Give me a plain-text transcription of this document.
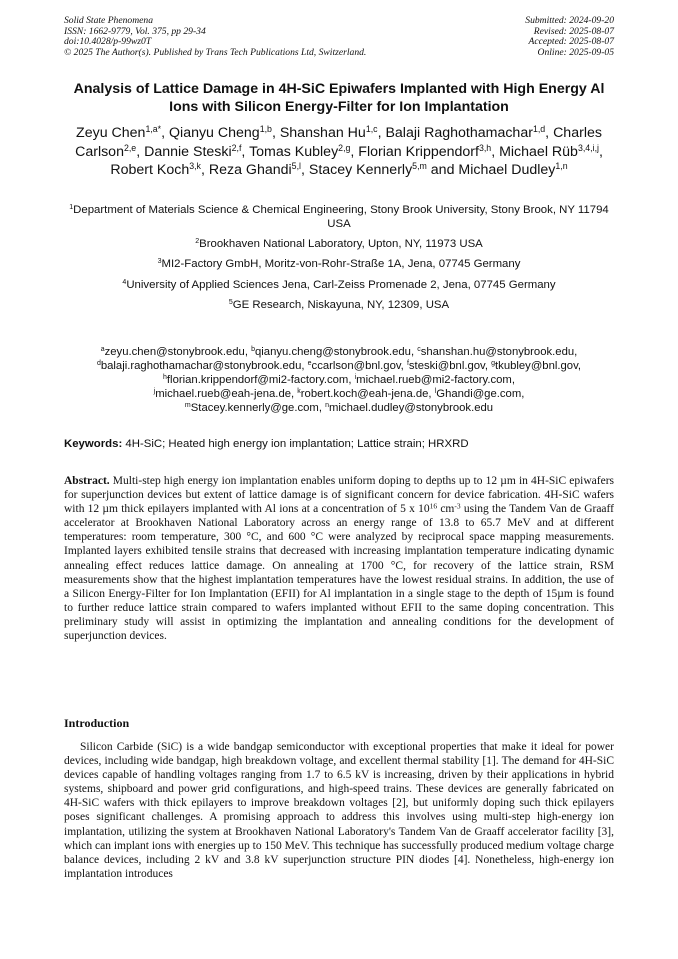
Solid State Phenomena
ISSN: 1662-9779, Vol. 375, pp 29-34
doi:10.4028/p-99wz0T
© 2025 The Author(s). Published by Trans Tech Publications Ltd, Switzerland.
Submitted: 2024-09-20
Revised: 2025-08-07
Accepted: 2025-08-07
Online: 2025-09-05
Analysis of Lattice Damage in 4H-SiC Epiwafers Implanted with High Energy Al Ions with Silicon Energy-Filter for Ion Implantation
Zeyu Chen$^{1,a*}$, Qianyu Cheng$^{1,b}$, Shanshan Hu$^{1,c}$, Balaji Raghothamachar$^{1,d}$, Charles Carlson$^{2,e}$, Dannie Steski$^{2,f}$, Tomas Kubley$^{2,g}$, Florian Krippendorf$^{3,h}$, Michael Rüb$^{3,4,i,j}$, Robert Koch$^{3,k}$, Reza Ghandi$^{5,l}$, Stacey Kennerly$^{5,m}$ and Michael Dudley$^{1,n}$
$^1$Department of Materials Science & Chemical Engineering, Stony Brook University, Stony Brook, NY 11794 USA
$^2$Brookhaven National Laboratory, Upton, NY, 11973 USA
$^3$MI2-Factory GmbH, Moritz-von-Rohr-Straße 1A, Jena, 07745 Germany
$^4$University of Applied Sciences Jena, Carl-Zeiss Promenade 2, Jena, 07745 Germany
$^5$GE Research, Niskayuna, NY, 12309, USA
$^a$zeyu.chen@stonybrook.edu, $^b$qianyu.cheng@stonybrook.edu, $^c$shanshan.hu@stonybrook.edu,
$^d$balaji.raghothamachar@stonybrook.edu, $^e$ccarlson@bnl.gov, $^f$steski@bnl.gov, $^g$tkubley@bnl.gov,
$^h$florian.krippendorf@mi2-factory.com, $^i$michael.rueb@mi2-factory.com,
$^j$michael.rueb@eah-jena.de, $^k$robert.koch@eah-jena.de, $^l$Ghandi@ge.com,
$^m$Stacey.kennerly@ge.com, $^n$michael.dudley@stonybrook.edu
Keywords: 4H-SiC; Heated high energy ion implantation; Lattice strain; HRXRD

Abstract. Multi-step high energy ion implantation enables uniform doping to depths up to 12 µm in 4H-SiC epiwafers for superjunction devices but extent of lattice damage is of significant concern for device fabrication. 4H-SiC wafers with 12 µm thick epilayers implanted with Al ions at a concentration of 5 x $10^{16}$ $cm^{-3}$ using the Tandem Van de Graaff accelerator at Brookhaven National Laboratory across an energy range of 13.8 to 65.7 MeV and at different temperatures: room temperature, 300 °C, and 600 °C were analyzed by reciprocal space mapping measurements. Implanted layers exhibited tensile strains that decreased with increasing implantation temperature indicating dynamic annealing effect reduces lattice damage. On annealing at 1700 °C, for recovery of the lattice strain, RSM measurements show that the highest implantation temperatures have the lowest residual strains. In addition, the use of a Silicon Energy-Filter for Ion Implantation (EFII) for Al implantation in a single stage to the depth of 15µm is found to further reduce lattice strain compared to wafers implanted without EFII to the same doping concentration. This preliminary study will assist in optimizing the implantation and annealing conditions for the development of superjunction devices.

Introduction

Silicon Carbide (SiC) is a wide bandgap semiconductor with exceptional properties that make it ideal for power devices, including wide bandgap, high breakdown voltage, and excellent thermal stability [1]. The demand for 4H-SiC devices capable of handling voltages ranging from 1.7 to 6.5 kV is increasing, driven by their applications in hybrid systems, shipboard and power grid configurations, and high-speed trains. These devices are generally fabricated on 4H-SiC wafers with thick epilayers to improve breakdown voltages [2], but uniformly doping such thick epilayers poses significant challenges. A promising approach to address this involves using multi-step high-energy ion implantation, utilizing the system at Brookhaven National Laboratory's Tandem Van de Graaff accelerator facility [3], which can implant ions with energies up to 150 MeV. This technique has successfully produced medium voltage charge balance devices, including 2 kV and 3.8 kV superjunction structure PIN diodes [4]. Nonetheless, high-energy ion implantation introduces
